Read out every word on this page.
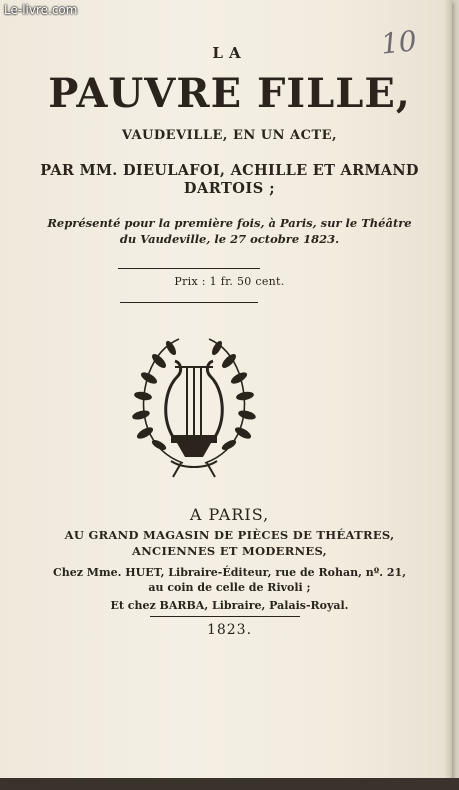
Le-livre.com
10
LA
PAUVRE FILLE,
VAUDEVILLE, EN UN ACTE,
PAR MM. DIEULAFOI, ACHILLE ET ARMAND
DARTOIS ;
Représenté pour la première fois, à Paris, sur le Théâtre
du Vaudeville, le 27 octobre 1823.
Prix : 1 fr. 50 cent.
A PARIS,
AU GRAND MAGASIN DE PIÈCES DE THÉATRES,
ANCIENNES ET MODERNES,
Chez Mme. HUET, Libraire-Éditeur, rue de Rohan, nº. 21,
au coin de celle de Rivoli ;
Et chez BARBA, Libraire, Palais-Royal.
1823.
